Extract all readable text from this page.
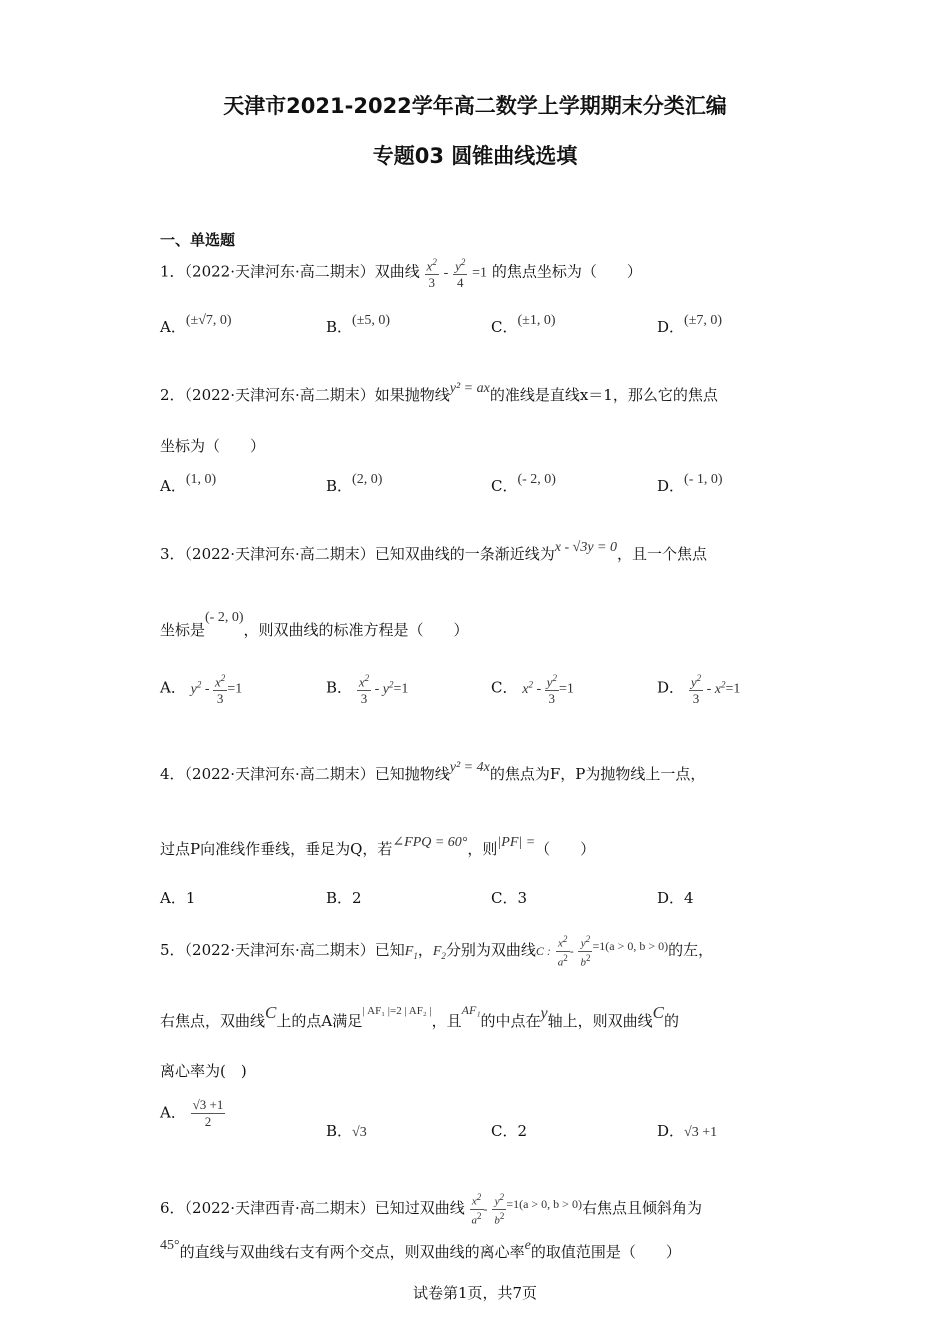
天津市2021-2022学年高二数学上学期期末分类汇编
专题03 圆锥曲线选填
一、单选题
1．（2022·天津河东·高二期末）双曲线 $\frac{x^2}{3} - \frac{y^2}{4} =1$ 的焦点坐标为（　　）
A．(±√7, 0)	B．(±5, 0)	C．(±1, 0)	D．(±7, 0)
2．（2022·天津河东·高二期末）如果抛物线y² = ax的准线是直线x＝1，那么它的焦点
坐标为（　　）
A．(1, 0)	B．(2, 0)	C．(- 2, 0)	D．(- 1, 0)
3．（2022·天津河东·高二期末）已知双曲线的一条渐近线为x - √3y = 0，且一个焦点
坐标是(- 2, 0)，则双曲线的标准方程是（　　）
A． $y^2 - \frac{x^2}{3} =1$	B． $\frac{x^2}{3} - y^2=1$	C． $x^2 - \frac{y^2}{3} =1$	D． $\frac{y^2}{3} - x^2=1$
4．（2022·天津河东·高二期末）已知抛物线y² = 4x的焦点为F，P为抛物线上一点，
过点P向准线作垂线，垂足为Q，若∠FPQ = 60°，则|PF| =（　　）
A．1	B．2	C．3	D．4
5．（2022·天津河东·高二期末）已知$F_1$，$F_2$分别为双曲线C : $\frac{x^2}{a^2} - \frac{y^2}{b^2} ^{=1(a > 0, b > 0)}$的左，
右焦点，双曲线C上的点A满足$^{| AF_1 |=2 | AF_2 |}$，且$^{AF_1}$的中点在y轴上，则双曲线C的
离心率为(　)
A． $\frac{√3 +1}{2}$
B．√3	C．2	D．√3 +1
6．（2022·天津西青·高二期末）已知过双曲线 $\frac{x^2}{a^2} - \frac{y^2}{b^2} ^{=1(a > 0, b > 0)}$右焦点且倾斜角为
45°的直线与双曲线右支有两个交点，则双曲线的离心率e的取值范围是（　　）
试卷第1页，共7页
